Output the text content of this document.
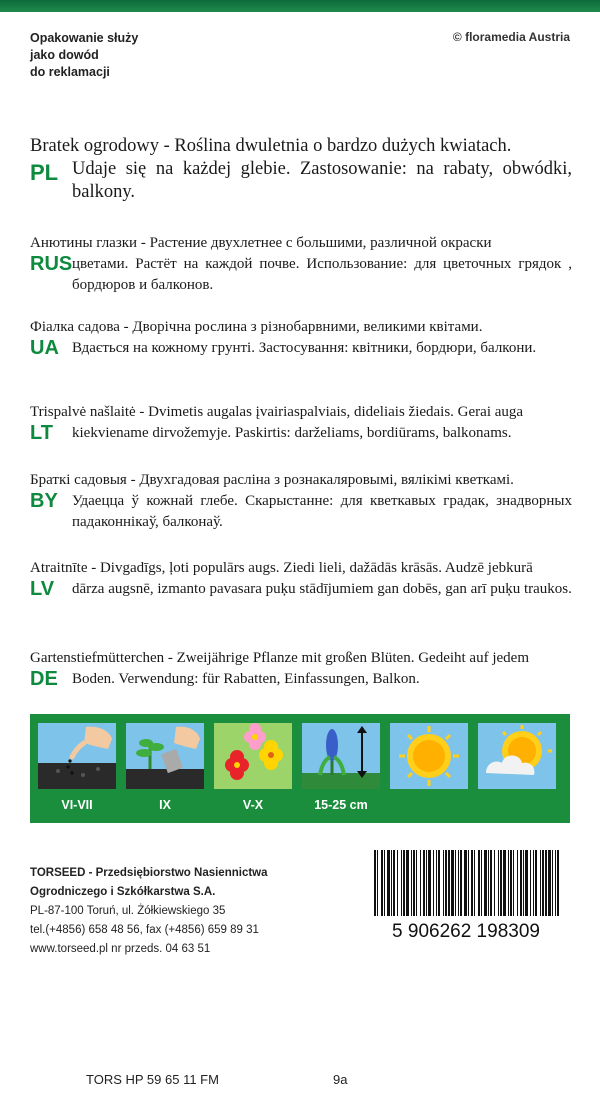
Opakowanie służy
jako dowód
do reklamacji
© floramedia Austria
Bratek ogrodowy - Roślina dwuletnia o bardzo dużych kwiatach.
PL Udaje się na każdej glebie. Zastosowanie: na rabaty, obwódki, balkony.
Анютины глазки - Растение двухлетнее с большими, различной окраски
RUS цветами. Растёт на каждой почве. Использование: для цветочных грядок , бордюров и балконов.
Фіалка садова - Дворічна рослина з різнобарвними, великими квітами.
UA Вдається на кожному грунті. Застосування: квітники, бордюри, балкони.
Trispalvė našlaitė - Dvimetis augalas įvairiaspalviais, dideliais žiedais. Gerai auga
LT kiekviename dirvožemyje. Paskirtis: darželiams, bordiūrams, balkonams.
Браткі садовыя - Двухгадовая расліна з рознакаляровымі, вялікімі кветкамі.
BY Удаецца ў кожнай глебе. Скарыстанне: для кветкавых градак, знадворных падаконнікаў, балконаў.
Atraitnīte - Divgadīgs, ļoti populārs augs. Ziedi lieli, dažādās krāsās. Audzē jebkurā
LV dārza augsnē, izmanto pavasara puķu stādījumiem gan dobēs, gan arī puķu traukos.
Gartenstiefmütterchen - Zweijährige Pflanze mit großen Blüten. Gedeiht auf jedem
DE Boden. Verwendung: für Rabatten, Einfassungen, Balkon.
VI-VII	IX	V-X	15-25 cm
TORSEED - Przedsiębiorstwo Nasiennictwa
Ogrodniczego i Szkółkarstwa S.A.
PL-87-100 Toruń, ul. Żółkiewskiego 35
tel.(+4856) 658 48 56, fax (+4856) 659 89 31
www.torseed.pl nr przeds. 04 63 51
5 906262 198309
TORS HP 59 65 11 FM	9a
